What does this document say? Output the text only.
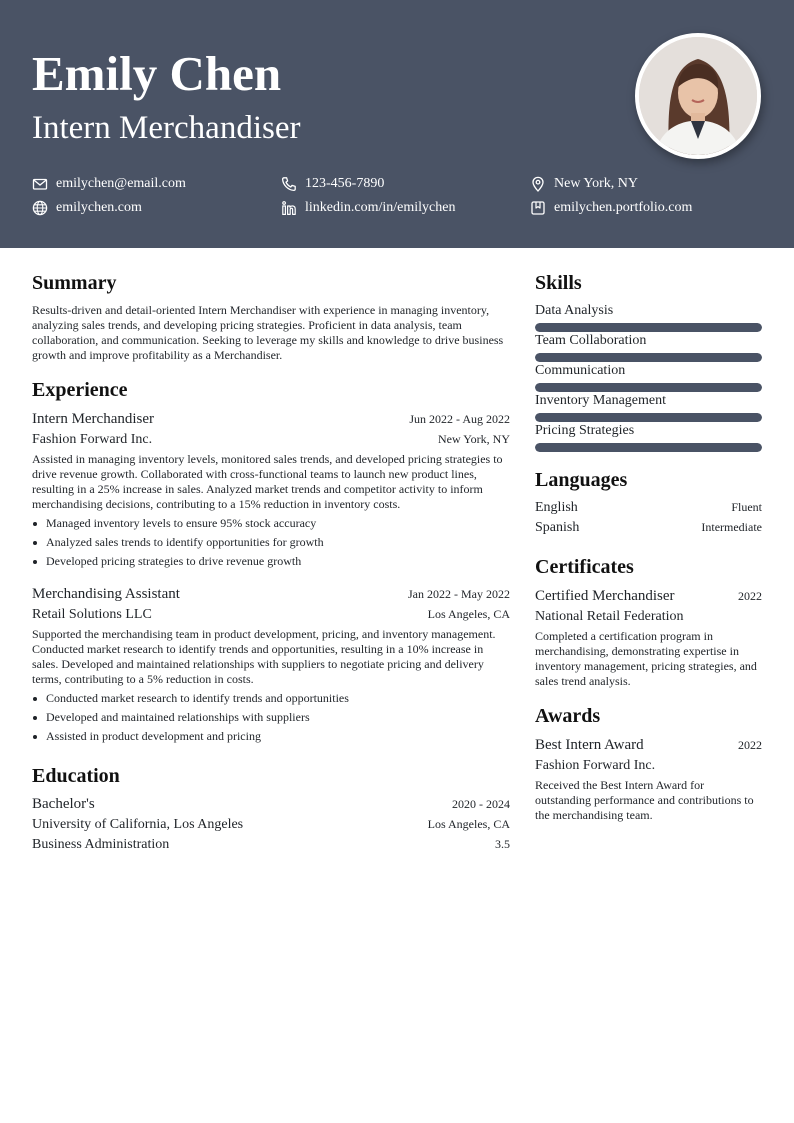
Emily Chen
Intern Merchandiser
emilychen@email.com	123-456-7890	New York, NY
emilychen.com	linkedin.com/in/emilychen	emilychen.portfolio.com
Summary
Results-driven and detail-oriented Intern Merchandiser with experience in managing inventory, analyzing sales trends, and developing pricing strategies. Proficient in data analysis, team collaboration, and communication. Seeking to leverage my skills and knowledge to drive business growth and improve profitability as a Merchandiser.
Experience
Intern Merchandiser	Jun 2022 - Aug 2022
Fashion Forward Inc.	New York, NY
Assisted in managing inventory levels, monitored sales trends, and developed pricing strategies to drive revenue growth. Collaborated with cross-functional teams to launch new product lines, resulting in a 25% increase in sales. Analyzed market trends and competitor activity to inform merchandising decisions, contributing to a 15% reduction in inventory costs.
Managed inventory levels to ensure 95% stock accuracy
Analyzed sales trends to identify opportunities for growth
Developed pricing strategies to drive revenue growth
Merchandising Assistant	Jan 2022 - May 2022
Retail Solutions LLC	Los Angeles, CA
Supported the merchandising team in product development, pricing, and inventory management. Conducted market research to identify trends and opportunities, resulting in a 10% increase in sales. Developed and maintained relationships with suppliers to negotiate pricing and delivery terms, contributing to a 5% reduction in costs.
Conducted market research to identify trends and opportunities
Developed and maintained relationships with suppliers
Assisted in product development and pricing
Education
Bachelor's	2020 - 2024
University of California, Los Angeles	Los Angeles, CA
Business Administration	3.5
Skills
Data Analysis
Team Collaboration
Communication
Inventory Management
Pricing Strategies
Languages
English	Fluent
Spanish	Intermediate
Certificates
Certified Merchandiser	2022
National Retail Federation
Completed a certification program in merchandising, demonstrating expertise in inventory management, pricing strategies, and sales trend analysis.
Awards
Best Intern Award	2022
Fashion Forward Inc.
Received the Best Intern Award for outstanding performance and contributions to the merchandising team.
